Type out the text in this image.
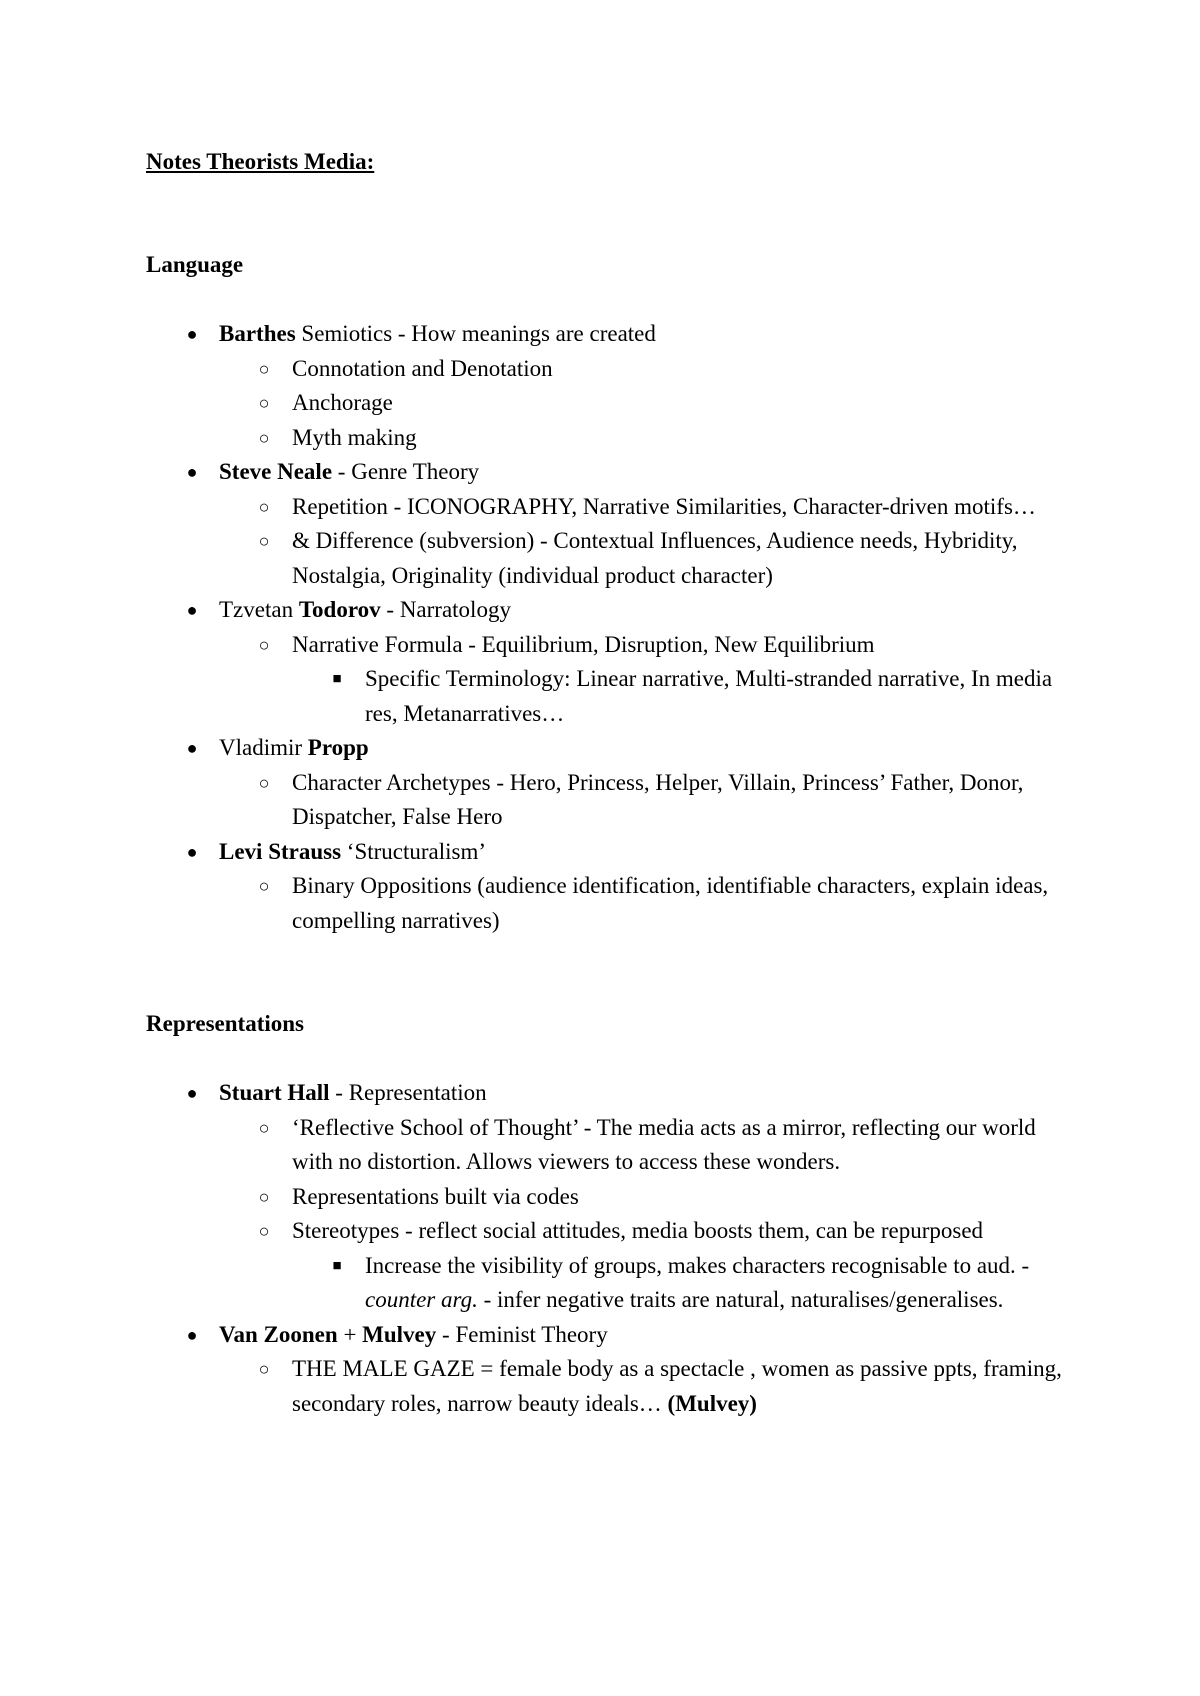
Notes Theorists Media:

Language

● Barthes Semiotics - How meanings are created
○ Connotation and Denotation
○ Anchorage
○ Myth making
● Steve Neale - Genre Theory
○ Repetition - ICONOGRAPHY, Narrative Similarities, Character-driven motifs…
○ & Difference (subversion) - Contextual Influences, Audience needs, Hybridity, Nostalgia, Originality (individual product character)
● Tzvetan Todorov - Narratology
○ Narrative Formula - Equilibrium, Disruption, New Equilibrium
■ Specific Terminology: Linear narrative, Multi-stranded narrative, In media res, Metanarratives…
● Vladimir Propp
○ Character Archetypes - Hero, Princess, Helper, Villain, Princess’ Father, Donor, Dispatcher, False Hero
● Levi Strauss ‘Structuralism’
○ Binary Oppositions (audience identification, identifiable characters, explain ideas, compelling narratives)

Representations

● Stuart Hall - Representation
○ ‘Reflective School of Thought’ - The media acts as a mirror, reflecting our world with no distortion. Allows viewers to access these wonders.
○ Representations built via codes
○ Stereotypes - reflect social attitudes, media boosts them, can be repurposed
■ Increase the visibility of groups, makes characters recognisable to aud. - counter arg. - infer negative traits are natural, naturalises/generalises.
● Van Zoonen + Mulvey - Feminist Theory
○ THE MALE GAZE = female body as a spectacle , women as passive ppts, framing, secondary roles, narrow beauty ideals… (Mulvey)
